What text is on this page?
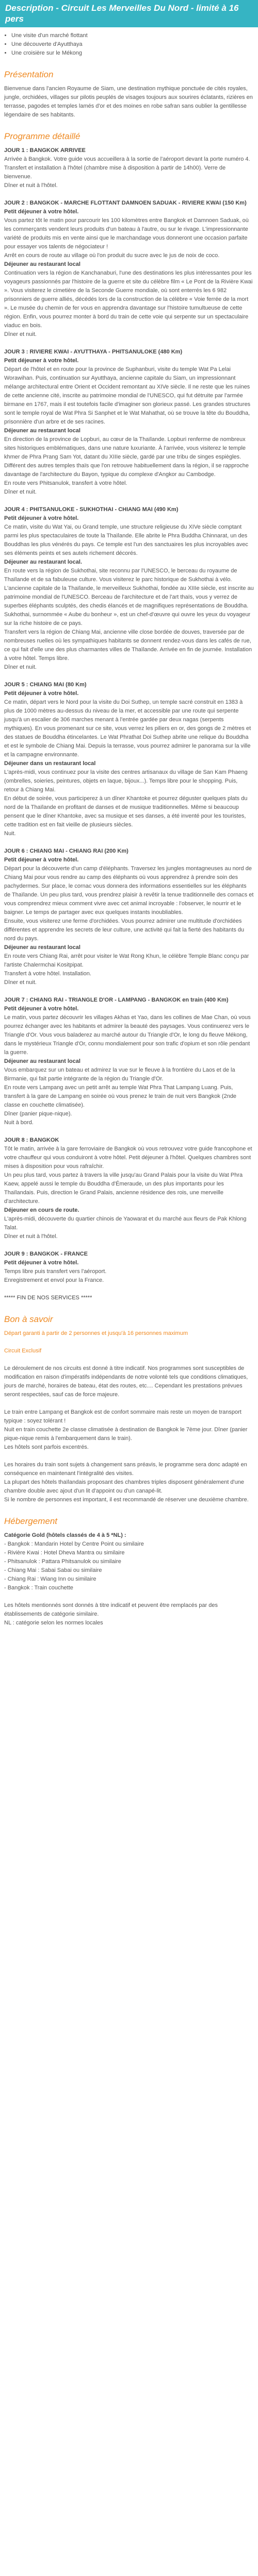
Description - Circuit Les Merveilles Du Nord - limité à 16 pers
• Une visite d'un marché flottant
• Une découverte d'Ayutthaya
• Une croisière sur le Mékong
Présentation

Bienvenue dans l'ancien Royaume de Siam, une destination mythique ponctuée de cités royales, jungle, orchidées, villages sur pilotis peuplés de visages toujours aux sourires éclatants, rizières en terrasse, pagodes et temples lamés d'or et des moines en robe safran sans oublier la gentillesse légendaire de ses habitants.

Programme détaillé
JOUR 1 : BANGKOK ARRIVEE

Arrivée à Bangkok. Votre guide vous accueillera à la sortie de l'aéroport devant la porte numéro 4. Transfert et installation à l'hôtel (chambre mise à disposition à partir de 14h00). Verre de bienvenue.

Dîner et nuit à l'hôtel.

JOUR 2 : BANGKOK - MARCHE FLOTTANT DAMNOEN SADUAK - RIVIERE KWAI (150 Km)

Petit déjeuner à votre hôtel.

Vous partez tôt le matin pour parcourir les 100 kilomètres entre Bangkok et Damnoen Saduak, où les commerçants vendent leurs produits d'un bateau à l'autre, ou sur le rivage. L'impressionnante variété de produits mis en vente ainsi que le marchandage vous donneront une occasion parfaite pour essayer vos talents de négociateur !

Arrêt en cours de route au village où l'on produit du sucre avec le jus de noix de coco.

Déjeuner au restaurant local

Continuation vers la région de Kanchanaburi, l'une des destinations les plus intéressantes pour les voyageurs passionnés par l'histoire de la guerre et site du célèbre film « Le Pont de la Rivière Kwai ». Vous visiterez le cimetière de la Seconde Guerre mondiale, où sont enterrés les 6 982 prisonniers de guerre alliés, décédés lors de la construction de la célèbre « Voie ferrée de la mort ». Le musée du chemin de fer vous en apprendra davantage sur l'histoire tumultueuse de cette région. Enfin, vous pourrez monter à bord du train de cette voie qui serpente sur un spectaculaire viaduc en bois.

Dîner et nuit.

JOUR 3 : RIVIERE KWAI - AYUTTHAYA - PHITSANULOKE (480 Km)

Petit déjeuner à votre hôtel.

Départ de l'hôtel et en route pour la province de Suphanburi, visite du temple Wat Pa Lelai Worawihan. Puis, continuation sur Ayutthaya, ancienne capitale du Siam, un impressionnant mélange architectural entre Orient et Occident remontant au XIVe siècle. Il ne reste que les ruines de cette ancienne cité, inscrite au patrimoine mondial de l'UNESCO, qui fut détruite par l'armée birmane en 1767, mais il est toutefois facile d'imaginer son glorieux passé. Les grandes structures sont le temple royal de Wat Phra Si Sanphet et le Wat Mahathat, où se trouve la tête du Bouddha, prisonnière d'un arbre et de ses racines.

Déjeuner au restaurant local

En direction de la province de Lopburi, au cœur de la Thaïlande. Lopburi renferme de nombreux sites historiques emblématiques, dans une nature luxuriante. À l'arrivée, vous visiterez le temple khmer de Phra Prang Sam Yot, datant du XIIIe siècle, gardé par une tribu de singes espiègles. Différent des autres temples thaïs que l'on retrouve habituellement dans la région, il se rapproche davantage de l'architecture du Bayon, typique du complexe d'Angkor au Cambodge.

En route vers Phitsanulok, transfert à votre hôtel.

Dîner et nuit.

JOUR 4 : PHITSANULOKE - SUKHOTHAI - CHIANG MAI (490 Km)

Petit déjeuner à votre hôtel.

Ce matin, visite du Wat Yai, ou Grand temple, une structure religieuse du XIVe siècle comptant parmi les plus spectaculaires de toute la Thaïlande. Elle abrite le Phra Buddha Chinnarat, un des Bouddhas les plus vénérés du pays. Ce temple est l'un des sanctuaires les plus incroyables avec ses éléments peints et ses autels richement décorés.

Déjeuner au restaurant local.

En route vers la région de Sukhothai, site reconnu par l'UNESCO, le berceau du royaume de Thaïlande et de sa fabuleuse culture. Vous visiterez le parc historique de Sukhothai à vélo. L'ancienne capitale de la Thaïlande, le merveilleux Sukhothai, fondée au XIIIe siècle, est inscrite au patrimoine mondial de l'UNESCO. Berceau de l'architecture et de l'art thaïs, vous y verrez de superbes éléphants sculptés, des chedis élancés et de magnifiques représentations de Bouddha. Sukhothai, surnommée « Aube du bonheur », est un chef-d'œuvre qui ouvre les yeux du voyageur sur la riche histoire de ce pays.

Transfert vers la région de Chiang Mai, ancienne ville close bordée de douves, traversée par de nombreuses ruelles où les sympathiques habitants se donnent rendez-vous dans les cafés de rue, ce qui fait d'elle une des plus charmantes villes de Thaïlande. Arrivée en fin de journée. Installation à votre hôtel. Temps libre.

Dîner et nuit.

JOUR 5 : CHIANG MAI (80 Km)

Petit déjeuner à votre hôtel.

Ce matin, départ vers le Nord pour la visite du Doi Suthep, un temple sacré construit en 1383 à plus de 1000 mètres au-dessus du niveau de la mer, et accessible par une route qui serpente jusqu'à un escalier de 306 marches menant à l'entrée gardée par deux nagas (serpents mythiques). En vous promenant sur ce site, vous verrez les piliers en or, des gongs de 2 mètres et des statues de Bouddha étincelantes. Le Wat Phrathat Doi Suthep abrite une relique du Bouddha et est le symbole de Chiang Mai. Depuis la terrasse, vous pourrez admirer le panorama sur la ville et la campagne environnante.

Déjeuner dans un restaurant local

L'après-midi, vous continuez pour la visite des centres artisanaux du village de San Kam Phaeng (ombrelles, soieries, peintures, objets en laque, bijoux...). Temps libre pour le shopping. Puis, retour à Chiang Mai.

En début de soirée, vous participerez à un dîner Khantoke et pourrez déguster quelques plats du nord de la Thaïlande en profitant de danses et de musique traditionnelles. Même si beaucoup pensent que le dîner Khantoke, avec sa musique et ses danses, a été inventé pour les touristes, cette tradition est en fait vieille de plusieurs siècles.

Nuit.

JOUR 6 : CHIANG MAI - CHIANG RAI (200 Km)

Petit déjeuner à votre hôtel.

Départ pour la découverte d'un camp d'éléphants. Traversez les jungles montagneuses au nord de Chiang Mai pour vous rendre au camp des éléphants où vous apprendrez à prendre soin des pachydermes. Sur place, le cornac vous donnera des informations essentielles sur les éléphants de Thaïlande. Un peu plus tard, vous prendrez plaisir à revêtir la tenue traditionnelle des cornacs et vous comprendrez mieux comment vivre avec cet animal incroyable : l'observer, le nourrir et le baigner. Le temps de partager avec eux quelques instants inoubliables.

Ensuite, vous visiterez une ferme d'orchidées. Vous pourrez admirer une multitude d'orchidées différentes et apprendre les secrets de leur culture, une activité qui fait la fierté des habitants du nord du pays.

Déjeuner au restaurant local

En route vers Chiang Rai, arrêt pour visiter le Wat Rong Khun, le célèbre Temple Blanc conçu par l'artiste Chalermchai Kositpipat.

Transfert à votre hôtel. Installation.

Dîner et nuit.

JOUR 7 : CHIANG RAI - TRIANGLE D'OR - LAMPANG - BANGKOK en train (400 Km)

Petit déjeuner à votre hôtel.

Le matin, vous partez découvrir les villages Akhas et Yao, dans les collines de Mae Chan, où vous pourrez échanger avec les habitants et admirer la beauté des paysages. Vous continuerez vers le Triangle d'Or. Vous vous baladerez au marché autour du Triangle d'Or, le long du fleuve Mékong, dans le mystérieux Triangle d'Or, connu mondialement pour son trafic d'opium et son rôle pendant la guerre.

Déjeuner au restaurant local

Vous embarquez sur un bateau et admirez la vue sur le fleuve à la frontière du Laos et de la Birmanie, qui fait partie intégrante de la région du Triangle d'Or.

En route vers Lampang avec un petit arrêt au temple Wat Phra That Lampang Luang. Puis, transfert à la gare de Lampang en soirée où vous prenez le train de nuit vers Bangkok (2nde classe en couchette climatisée).

Dîner (panier pique-nique).

Nuit à bord.

JOUR 8 : BANGKOK

Tôt le matin, arrivée à la gare ferroviaire de Bangkok où vous retrouvez votre guide francophone et votre chauffeur qui vous conduiront à votre hôtel. Petit déjeuner à l'hôtel. Quelques chambres sont mises à disposition pour vous rafraîchir.

Un peu plus tard, vous partez à travers la ville jusqu'au Grand Palais pour la visite du Wat Phra Kaew, appelé aussi le temple du Bouddha d'Émeraude, un des plus importants pour les Thaïlandais. Puis, direction le Grand Palais, ancienne résidence des rois, une merveille d'architecture.

Déjeuner en cours de route.

L'après-midi, découverte du quartier chinois de Yaowarat et du marché aux fleurs de Pak Khlong Talat.

Dîner et nuit à l'hôtel.

JOUR 9 : BANGKOK - FRANCE

Petit déjeuner à votre hôtel.

Temps libre puis transfert vers l'aéroport.

Enregistrement et envol pour la France.

***** FIN DE NOS SERVICES *****

Bon à savoir

Départ garanti à partir de 2 personnes et jusqu'à 16 personnes maximum

Circuit Exclusif

Le déroulement de nos circuits est donné à titre indicatif. Nos programmes sont susceptibles de modification en raison d'impératifs indépendants de notre volonté tels que conditions climatiques, jours de marché, horaires de bateau, état des routes, etc.... Cependant les prestations prévues seront respectées, sauf cas de force majeure.

Le train entre Lampang et Bangkok est de confort sommaire mais reste un moyen de transport typique : soyez tolérant !
Nuit en train couchette 2e classe climatisée à destination de Bangkok le 7ème jour. Dîner (panier pique-nique remis à l'embarquement dans le train).
Les hôtels sont parfois excentrés.

Les horaires du train sont sujets à changement sans préavis, le programme sera donc adapté en conséquence en maintenant l'intégralité des visites.
La plupart des hôtels thaïlandais proposant des chambres triples disposent généralement d'une chambre double avec ajout d'un lit d'appoint ou d'un canapé-lit.
Si le nombre de personnes est important, il est recommandé de réserver une deuxième chambre.

Hébergement

Catégorie Gold (hôtels classés de 4 à 5 *NL) :

- Bangkok : Mandarin Hotel by Centre Point ou similaire
- Rivière Kwai : Hotel Dheva Mantra ou similaire
- Phitsanulok : Pattara Phitsanulok ou similaire
- Chiang Mai : Sabai Sabai ou similaire
- Chiang Rai : Wiang Inn ou similaire
- Bangkok : Train couchette

Les hôtels mentionnés sont donnés à titre indicatif et peuvent être remplacés par des établissements de catégorie similaire.

NL : catégorie selon les normes locales
